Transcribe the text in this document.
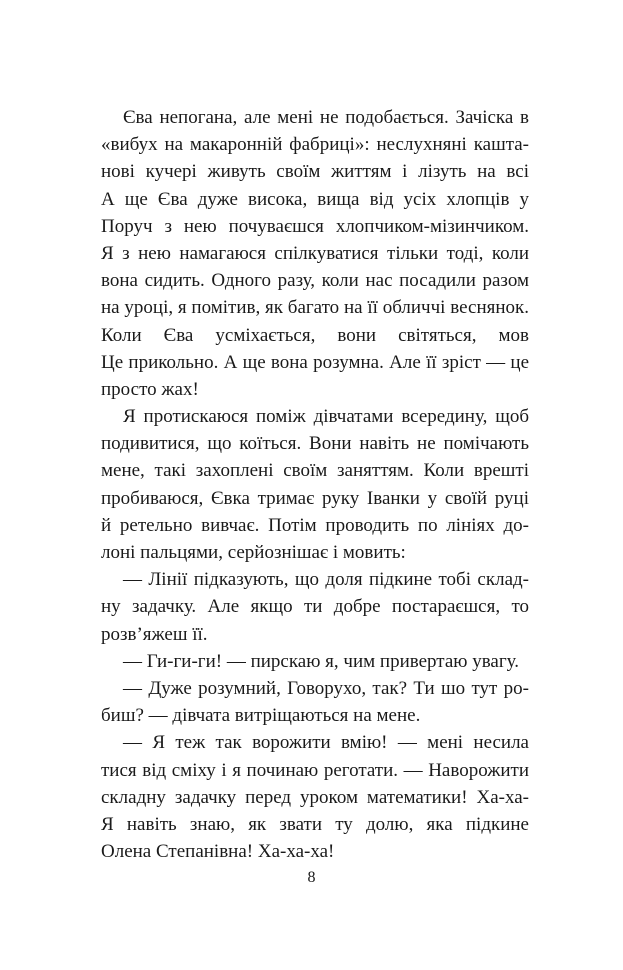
Єва непогана, але мені не подобається. Зачіска в
«вибух на макаронній фабриці»: неслухняні кашта-
нові кучері живуть своїм життям і лізуть на всі
А ще Єва дуже висока, вища від усіх хлопців у
Поруч з нею почуваєшся хлопчиком-мізинчиком.
Я з нею намагаюся спілкуватися тільки тоді, коли
вона сидить. Одного разу, коли нас посадили разом
на уроці, я помітив, як багато на її обличчі веснянок.
Коли Єва усміхається, вони світяться, мов
Це прикольно. А ще вона розумна. Але її зріст — це
просто жах!
Я протискаюся поміж дівчатами всередину, щоб
подивитися, що коїться. Вони навіть не помічають
мене, такі захоплені своїм заняттям. Коли врешті
пробиваюся, Євка тримає руку Іванки у своїй руці
й ретельно вивчає. Потім проводить по лініях до-
лоні пальцями, серйознішає і мовить:
— Лінії підказують, що доля підкине тобі склад-
ну задачку. Але якщо ти добре постараєшся, то
розв’яжеш її.
— Ги-ги-ги! — пирскаю я, чим привертаю увагу.
— Дуже розумний, Говорухо, так? Ти шо тут ро-
биш? — дівчата витріщаються на мене.
— Я теж так ворожити вмію! — мені несила
тися від сміху і я починаю реготати. — Наворожити
складну задачку перед уроком математики! Ха-ха-
Я навіть знаю, як звати ту долю, яка підкине
Олена Степанівна! Ха-ха-ха!
8
